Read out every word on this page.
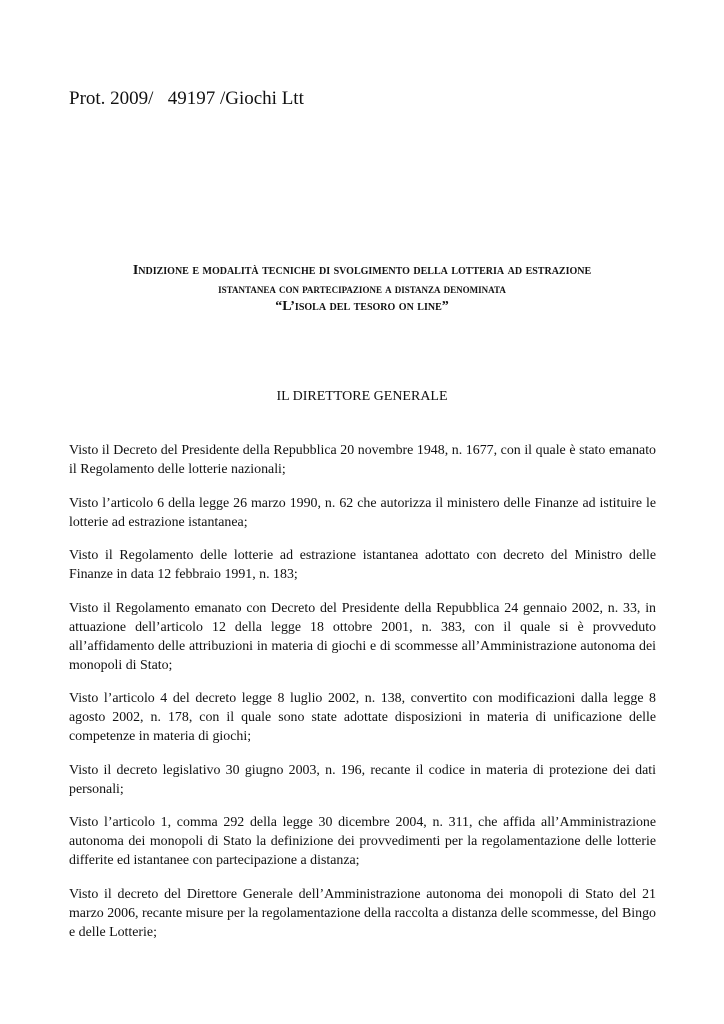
Prot. 2009/   49197 /Giochi Ltt
Indizione e modalità tecniche di svolgimento della lotteria ad estrazione
istantanea con partecipazione a distanza denominata
“L’isola del tesoro on line”
IL DIRETTORE GENERALE

Visto il Decreto del Presidente della Repubblica 20 novembre 1948, n. 1677, con il quale è stato emanato il Regolamento delle lotterie nazionali;

Visto l’articolo 6 della legge 26 marzo 1990, n. 62 che autorizza il ministero delle Finanze ad istituire le lotterie ad estrazione istantanea;

Visto il Regolamento delle lotterie ad estrazione istantanea adottato con decreto del Ministro delle Finanze in data 12 febbraio 1991, n. 183;

Visto il Regolamento emanato con Decreto del Presidente della Repubblica 24 gennaio 2002, n. 33, in attuazione dell’articolo 12 della legge 18 ottobre 2001, n. 383, con il quale si è provveduto all’affidamento delle attribuzioni in materia di giochi e di scommesse all’Amministrazione autonoma dei monopoli di Stato;

Visto l’articolo 4 del decreto legge 8 luglio 2002, n. 138, convertito con modificazioni dalla legge 8 agosto 2002, n. 178, con il quale sono state adottate disposizioni in materia di unificazione delle competenze in materia di giochi;

Visto il decreto legislativo 30 giugno 2003, n. 196, recante il codice in materia di protezione dei dati personali;

Visto l’articolo 1, comma 292 della legge 30 dicembre 2004, n. 311, che affida all’Amministrazione autonoma dei monopoli di Stato la definizione dei provvedimenti per la regolamentazione delle lotterie differite ed istantanee con partecipazione a distanza;

Visto il decreto del Direttore Generale dell’Amministrazione autonoma dei monopoli di Stato del 21 marzo 2006, recante misure per la regolamentazione della raccolta a distanza delle scommesse, del Bingo e delle Lotterie;
